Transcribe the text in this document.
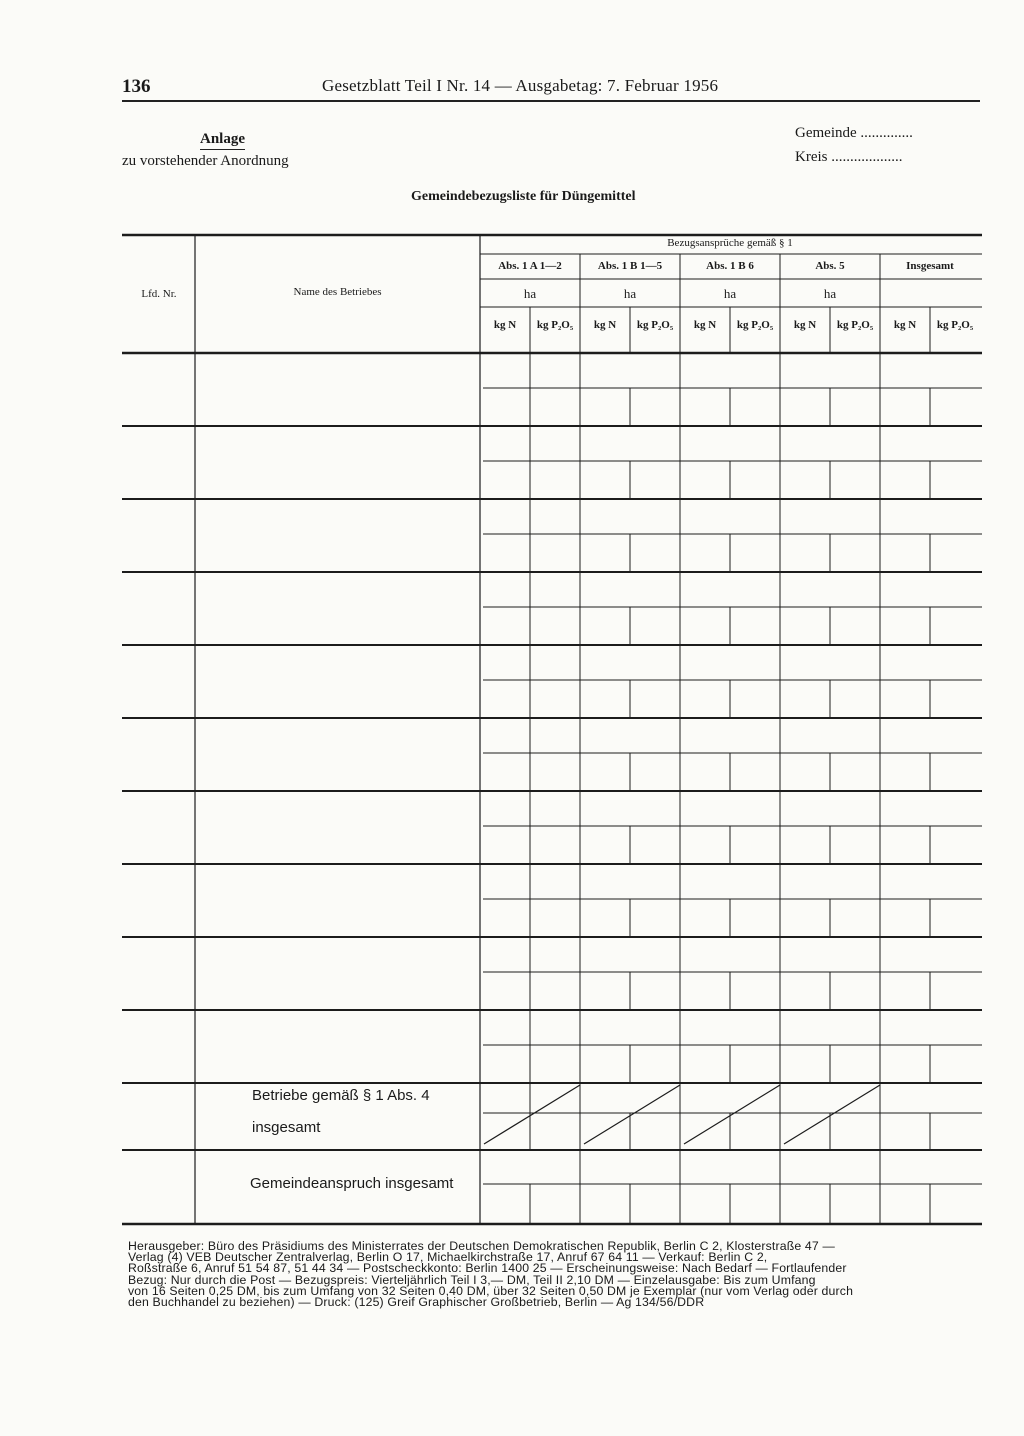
136	Gesetzblatt Teil I Nr. 14 — Ausgabetag: 7. Februar 1956
Anlage
zu vorstehender Anordnung
Gemeinde ..............
Kreis ...................
Gemeindebezugsliste für Düngemittel
Bezugsansprüche gemäß § 1
Lfd. Nr.	Name des Betriebes
Abs. 1 A 1—2	Abs. 1 B 1—5	Abs. 1 B 6	Abs. 5	Insgesamt
ha	ha	ha	ha
kg N	kg P₂O₅	kg N	kg P₂O₅	kg N	kg P₂O₅	kg N	kg P₂O₅	kg N	kg P₂O₅
Betriebe gemäß § 1 Abs. 4
insgesamt
Gemeindeanspruch insgesamt

Herausgeber: Büro des Präsidiums des Ministerrates der Deutschen Demokratischen Republik, Berlin C 2, Klosterstraße 47 —

Verlag (4) VEB Deutscher Zentralverlag, Berlin O 17, Michaelkirchstraße 17, Anruf 67 64 11 — Verkauf: Berlin C 2,

Roßstraße 6, Anruf 51 54 87, 51 44 34 — Postscheckkonto: Berlin 1400 25 — Erscheinungsweise: Nach Bedarf — Fortlaufender

Bezug: Nur durch die Post — Bezugspreis: Vierteljährlich Teil I 3,— DM, Teil II 2,10 DM — Einzelausgabe: Bis zum Umfang

von 16 Seiten 0,25 DM, bis zum Umfang von 32 Seiten 0,40 DM, über 32 Seiten 0,50 DM je Exemplar (nur vom Verlag oder durch

den Buchhandel zu beziehen) — Druck: (125) Greif Graphischer Großbetrieb, Berlin — Ag 134/56/DDR
